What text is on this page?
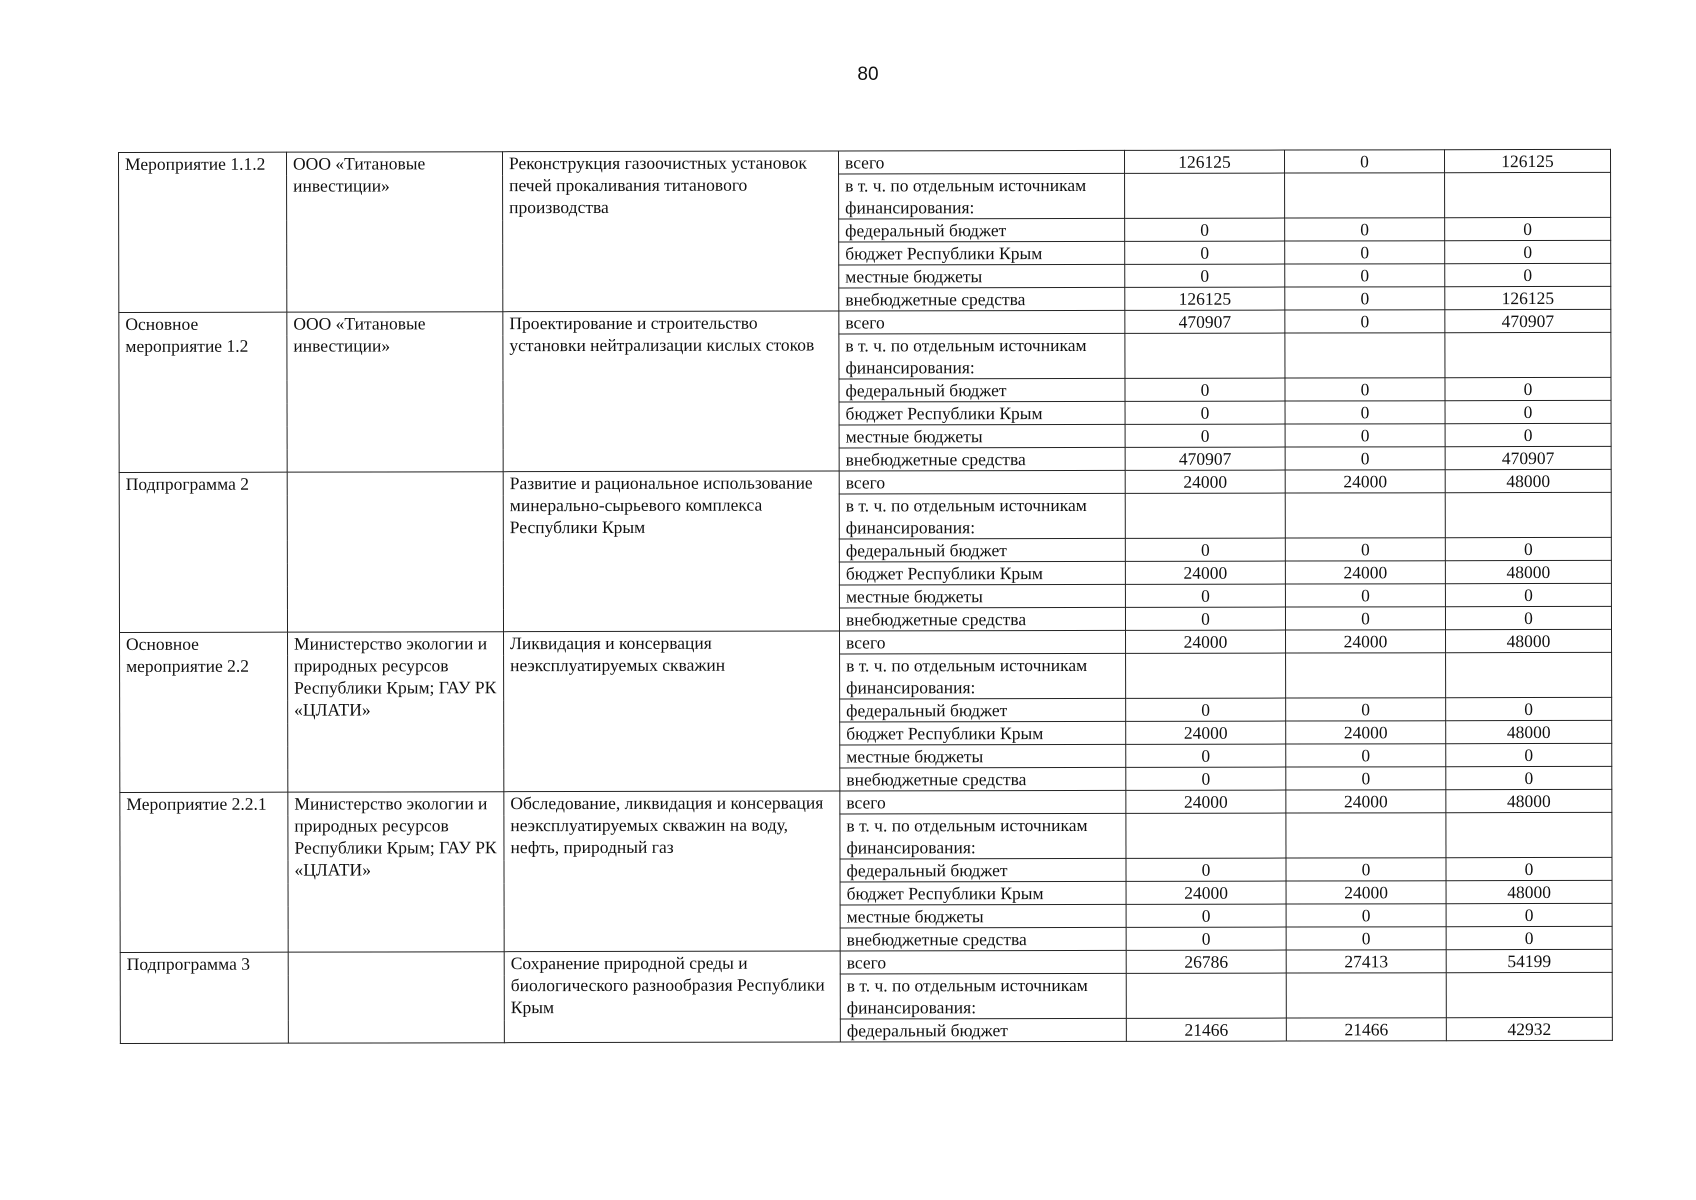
80
Мероприятие 1.1.2	ООО «Титановые инвестиции»	Реконструкция газоочистных установок печей прокаливания титанового производства	всего	126125	0	126125
			в т. ч. по отдельным источникам финансирования:			
			федеральный бюджет	0	0	0
			бюджет Республики Крым	0	0	0
			местные бюджеты	0	0	0
			внебюджетные средства	126125	0	126125
Основное мероприятие 1.2	ООО «Титановые инвестиции»	Проектирование и строительство установки нейтрализации кислых стоков	всего	470907	0	470907
			в т. ч. по отдельным источникам финансирования:			
			федеральный бюджет	0	0	0
			бюджет Республики Крым	0	0	0
			местные бюджеты	0	0	0
			внебюджетные средства	470907	0	470907
Подпрограмма 2		Развитие и рациональное использование минерально-сырьевого комплекса Республики Крым	всего	24000	24000	48000
			в т. ч. по отдельным источникам финансирования:			
			федеральный бюджет	0	0	0
			бюджет Республики Крым	24000	24000	48000
			местные бюджеты	0	0	0
			внебюджетные средства	0	0	0
Основное мероприятие 2.2	Министерство экологии и природных ресурсов Республики Крым; ГАУ РК «ЦЛАТИ»	Ликвидация и консервация неэксплуатируемых скважин	всего	24000	24000	48000
			в т. ч. по отдельным источникам финансирования:			
			федеральный бюджет	0	0	0
			бюджет Республики Крым	24000	24000	48000
			местные бюджеты	0	0	0
			внебюджетные средства	0	0	0
Мероприятие 2.2.1	Министерство экологии и природных ресурсов Республики Крым; ГАУ РК «ЦЛАТИ»	Обследование, ликвидация и консервация неэксплуатируемых скважин на воду, нефть, природный газ	всего	24000	24000	48000
			в т. ч. по отдельным источникам финансирования:			
			федеральный бюджет	0	0	0
			бюджет Республики Крым	24000	24000	48000
			местные бюджеты	0	0	0
			внебюджетные средства	0	0	0
Подпрограмма 3		Сохранение природной среды и биологического разнообразия Республики Крым	всего	26786	27413	54199
			в т. ч. по отдельным источникам финансирования:			
			федеральный бюджет	21466	21466	42932
